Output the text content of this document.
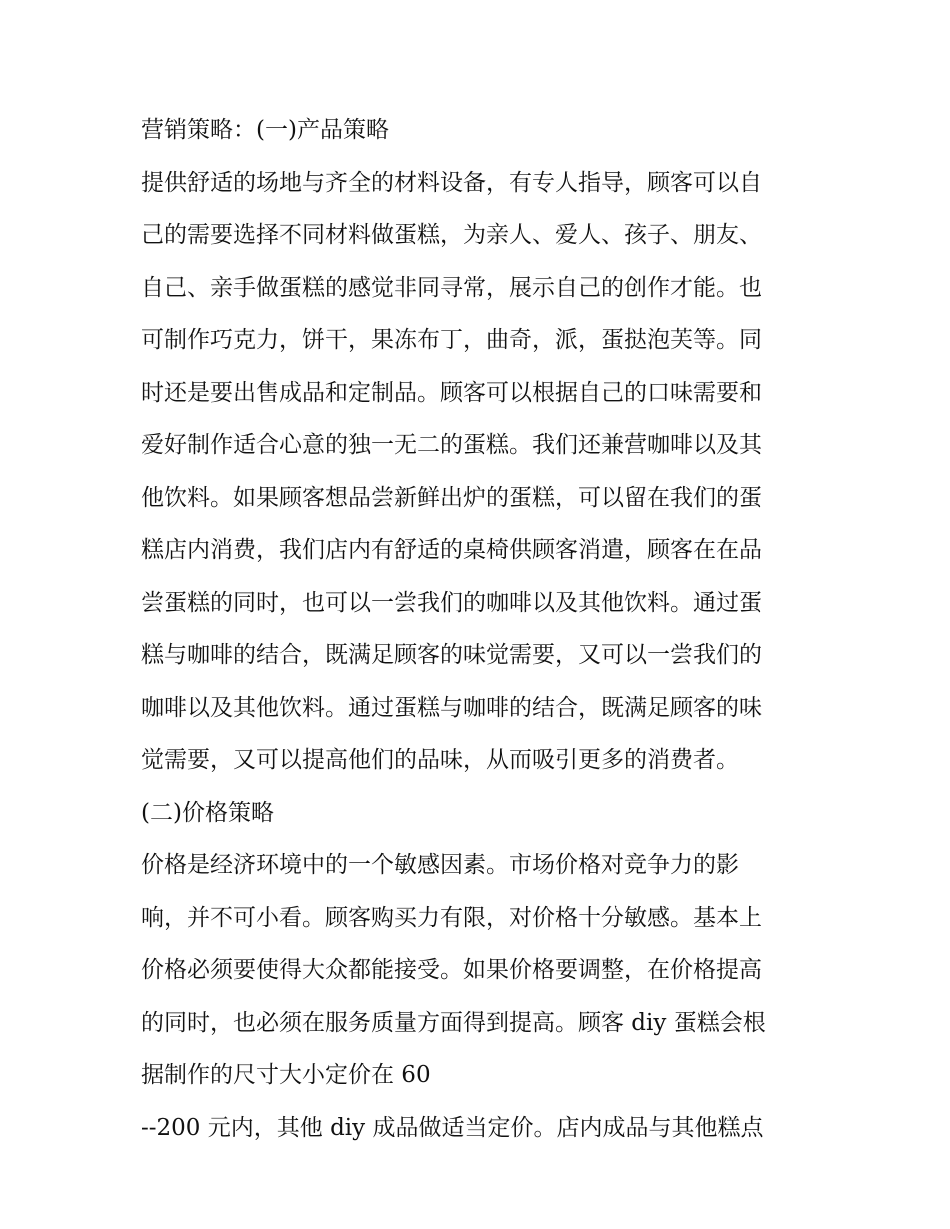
营销策略：(一)产品策略
提供舒适的场地与齐全的材料设备，有专人指导，顾客可以自
己的需要选择不同材料做蛋糕，为亲人、爱人、孩子、朋友、
自己、亲手做蛋糕的感觉非同寻常，展示自己的创作才能。也
可制作巧克力，饼干，果冻布丁，曲奇，派，蛋挞泡芙等。同
时还是要出售成品和定制品。顾客可以根据自己的口味需要和
爱好制作适合心意的独一无二的蛋糕。我们还兼营咖啡以及其
他饮料。如果顾客想品尝新鲜出炉的蛋糕，可以留在我们的蛋
糕店内消费，我们店内有舒适的桌椅供顾客消遣，顾客在在品
尝蛋糕的同时，也可以一尝我们的咖啡以及其他饮料。通过蛋
糕与咖啡的结合，既满足顾客的味觉需要，又可以一尝我们的
咖啡以及其他饮料。通过蛋糕与咖啡的结合，既满足顾客的味
觉需要，又可以提高他们的品味，从而吸引更多的消费者。
(二)价格策略
价格是经济环境中的一个敏感因素。市场价格对竞争力的影
响，并不可小看。顾客购买力有限，对价格十分敏感。基本上
价格必须要使得大众都能接受。如果价格要调整，在价格提高
的同时，也必须在服务质量方面得到提高。顾客 diy 蛋糕会根
据制作的尺寸大小定价在 60
--200 元内，其他 diy 成品做适当定价。店内成品与其他糕点
